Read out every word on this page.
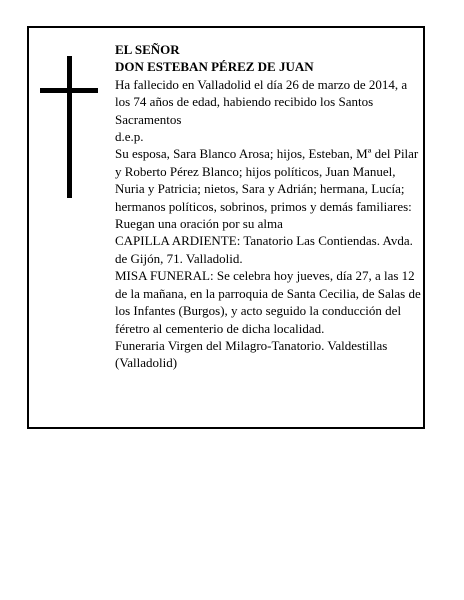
EL SEÑOR

DON ESTEBAN PÉREZ DE JUAN

Ha fallecido en Valladolid el día 26 de marzo de 2014, a los 74 años de edad, habiendo recibido los Santos Sacramentos

d.e.p.

Su esposa, Sara Blanco Arosa; hijos, Esteban, Mª del Pilar y Roberto Pérez Blanco; hijos políticos, Juan Manuel, Nuria y Patricia; nietos, Sara y Adrián; hermana, Lucía; hermanos políticos, sobrinos, primos y demás familiares:

Ruegan una oración por su alma

CAPILLA ARDIENTE: Tanatorio Las Contiendas. Avda. de Gijón, 71. Valladolid.

MISA FUNERAL: Se celebra hoy jueves, día 27, a las 12 de la mañana, en la parroquia de Santa Cecilia, de Salas de los Infantes (Burgos), y acto seguido la conducción del féretro al cementerio de dicha localidad.

Funeraria Virgen del Milagro-Tanatorio. Valdestillas (Valladolid)
